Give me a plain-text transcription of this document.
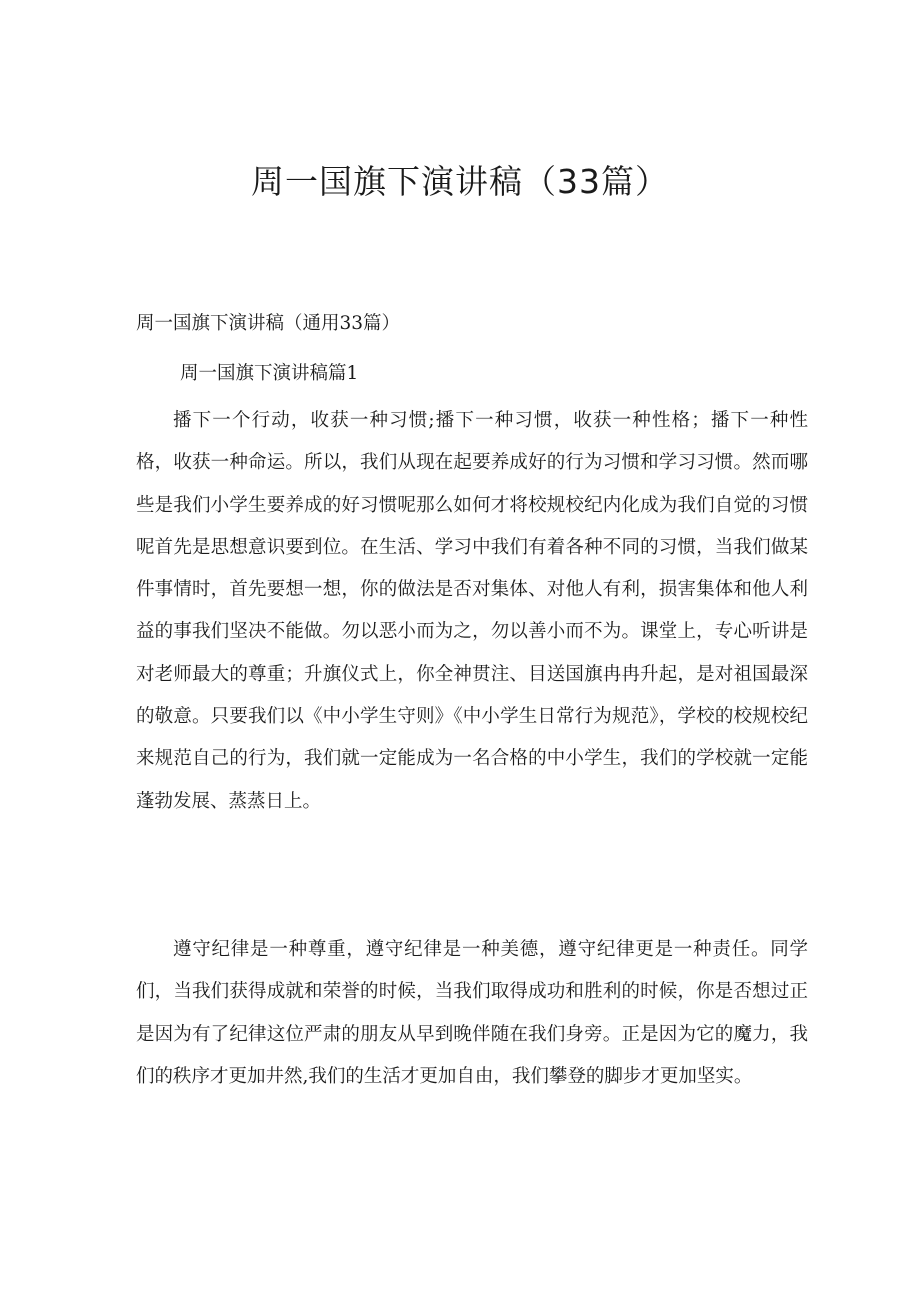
周一国旗下演讲稿（33篇）

周一国旗下演讲稿（通用33篇）

周一国旗下演讲稿篇1

播下一个行动，收获一种习惯;播下一种习惯，收获一种性格；播下一种性格，收获一种命运。所以，我们从现在起要养成好的行为习惯和学习习惯。然而哪些是我们小学生要养成的好习惯呢那么如何才将校规校纪内化成为我们自觉的习惯呢首先是思想意识要到位。在生活、学习中我们有着各种不同的习惯，当我们做某件事情时，首先要想一想，你的做法是否对集体、对他人有利，损害集体和他人利益的事我们坚决不能做。勿以恶小而为之，勿以善小而不为。课堂上，专心听讲是对老师最大的尊重；升旗仪式上，你全神贯注、目送国旗冉冉升起，是对祖国最深的敬意。只要我们以《中小学生守则》《中小学生日常行为规范》，学校的校规校纪来规范自己的行为，我们就一定能成为一名合格的中小学生，我们的学校就一定能蓬勃发展、蒸蒸日上。

遵守纪律是一种尊重，遵守纪律是一种美德，遵守纪律更是一种责任。同学们，当我们获得成就和荣誉的时候，当我们取得成功和胜利的时候，你是否想过正是因为有了纪律这位严肃的朋友从早到晚伴随在我们身旁。正是因为它的魔力，我们的秩序才更加井然,我们的生活才更加自由，我们攀登的脚步才更加坚实。
